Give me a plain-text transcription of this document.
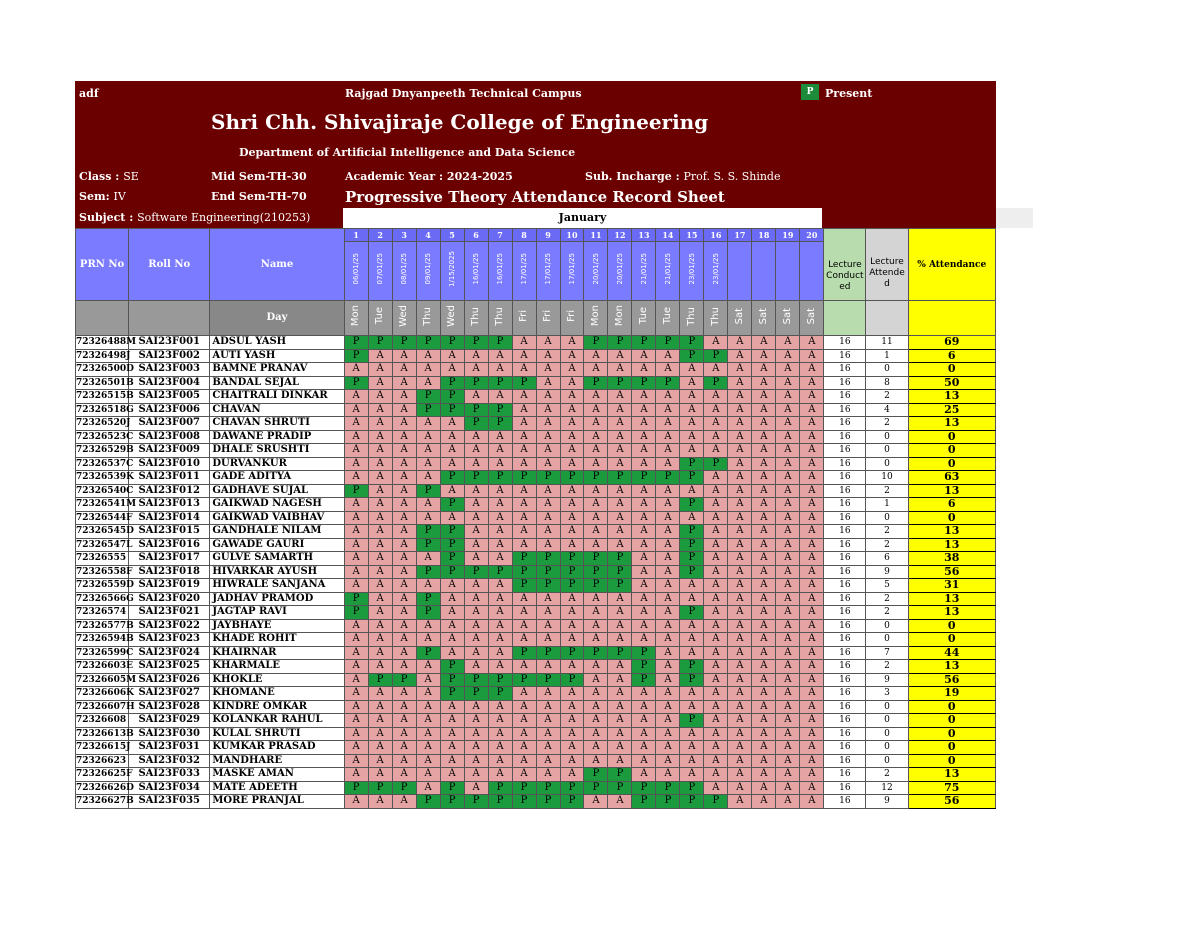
adf	Rajgad Dnyanpeeth Technical Campus	P	Present
Shri Chh. Shivajiraje College of Engineering
Department of Artificial Intelligence and Data Science
Class : SE	Mid Sem-TH-30	Academic Year : 2024-2025	Sub. Incharge : Prof. S. S. Shinde
Sem: IV	End Sem-TH-70	Progressive Theory Attendance Record Sheet
Subject : Software Engineering(210253)	January
PRN No	Roll No	Name	1	2	3	4	5	6	7	8	9	10	11	12	13	14	15	16	17	18	19	20	Lecture Conduct ed	Lecture Attende d	% Attendance
			06/01/25	07/01/25	08/01/25	09/01/25	1/15/2025	16/01/25	16/01/25	17/01/25	17/01/25	17/01/25	20/01/25	20/01/25	21/01/25	21/01/25	23/01/25	23/01/25							
		Day	Mon	Tue	Wed	Thu	Wed	Thu	Thu	Fri	Fri	Fri	Mon	Mon	Tue	Tue	Thu	Thu	Sat	Sat	Sat	Sat			
72326488M	SAI23F001	ADSUL YASH	P	P	P	P	P	P	P	A	A	A	P	P	P	P	P	A	A	A	A	A	16	11	69
72326498J	SAI23F002	AUTI YASH	P	A	A	A	A	A	A	A	A	A	A	A	A	A	P	P	A	A	A	A	16	1	6
72326500D	SAI23F003	BAMNE PRANAV	A	A	A	A	A	A	A	A	A	A	A	A	A	A	A	A	A	A	A	A	16	0	0
72326501B	SAI23F004	BANDAL SEJAL	P	A	A	A	P	P	P	P	A	A	P	P	P	P	A	P	A	A	A	A	16	8	50
72326515B	SAI23F005	CHAITRALI DINKAR	A	A	A	P	P	A	A	A	A	A	A	A	A	A	A	A	A	A	A	A	16	2	13
72326518G	SAI23F006	CHAVAN	A	A	A	P	P	P	P	A	A	A	A	A	A	A	A	A	A	A	A	A	16	4	25
72326520J	SAI23F007	CHAVAN SHRUTI	A	A	A	A	A	P	P	A	A	A	A	A	A	A	A	A	A	A	A	A	16	2	13
72326523C	SAI23F008	DAWANE PRADIP	A	A	A	A	A	A	A	A	A	A	A	A	A	A	A	A	A	A	A	A	16	0	0
72326529B	SAI23F009	DHALE SRUSHTI	A	A	A	A	A	A	A	A	A	A	A	A	A	A	A	A	A	A	A	A	16	0	0
72326537C	SAI23F010	DURVANKUR	A	A	A	A	A	A	A	A	A	A	A	A	A	A	P	P	A	A	A	A	16	0	0
72326539K	SAI23F011	GADE ADITYA	A	A	A	A	P	P	P	P	P	P	P	P	P	P	P	A	A	A	A	A	16	10	63
72326540C	SAI23F012	GADHAVE SUJAL	P	A	A	P	A	A	A	A	A	A	A	A	A	A	A	A	A	A	A	A	16	2	13
72326541M	SAI23F013	GAIKWAD NAGESH	A	A	A	A	P	A	A	A	A	A	A	A	A	A	P	A	A	A	A	A	16	1	6
72326544F	SAI23F014	GAIKWAD VAIBHAV	A	A	A	A	A	A	A	A	A	A	A	A	A	A	A	A	A	A	A	A	16	0	0
72326545D	SAI23F015	GANDHALE NILAM	A	A	A	P	P	A	A	A	A	A	A	A	A	A	P	A	A	A	A	A	16	2	13
72326547L	SAI23F016	GAWADE GAURI	A	A	A	P	P	A	A	A	A	A	A	A	A	A	P	A	A	A	A	A	16	2	13
72326555	SAI23F017	GULVE SAMARTH	A	A	A	A	P	A	A	P	P	P	P	P	A	A	P	A	A	A	A	A	16	6	38
72326558F	SAI23F018	HIVARKAR AYUSH	A	A	A	P	P	P	P	P	P	P	P	P	A	A	P	A	A	A	A	A	16	9	56
72326559D	SAI23F019	HIWRALE SANJANA	A	A	A	A	A	A	A	P	P	P	P	P	A	A	A	A	A	A	A	A	16	5	31
72326566G	SAI23F020	JADHAV PRAMOD	P	A	A	P	A	A	A	A	A	A	A	A	A	A	A	A	A	A	A	A	16	2	13
72326574	SAI23F021	JAGTAP RAVI	P	A	A	P	A	A	A	A	A	A	A	A	A	A	P	A	A	A	A	A	16	2	13
72326577B	SAI23F022	JAYBHAYE	A	A	A	A	A	A	A	A	A	A	A	A	A	A	A	A	A	A	A	A	16	0	0
72326594B	SAI23F023	KHADE ROHIT	A	A	A	A	A	A	A	A	A	A	A	A	A	A	A	A	A	A	A	A	16	0	0
72326599C	SAI23F024	KHAIRNAR	A	A	A	P	A	A	A	P	P	P	P	P	P	A	A	A	A	A	A	A	16	7	44
72326603E	SAI23F025	KHARMALE	A	A	A	A	P	A	A	A	A	A	A	A	P	A	P	A	A	A	A	A	16	2	13
72326605M	SAI23F026	KHOKLE	A	P	P	A	P	P	P	P	P	P	A	A	P	A	P	A	A	A	A	A	16	9	56
72326606K	SAI23F027	KHOMANE	A	A	A	A	P	P	P	A	A	A	A	A	A	A	A	A	A	A	A	A	16	3	19
72326607H	SAI23F028	KINDRE OMKAR	A	A	A	A	A	A	A	A	A	A	A	A	A	A	A	A	A	A	A	A	16	0	0
72326608	SAI23F029	KOLANKAR RAHUL	A	A	A	A	A	A	A	A	A	A	A	A	A	A	P	A	A	A	A	A	16	0	0
72326613B	SAI23F030	KULAL SHRUTI	A	A	A	A	A	A	A	A	A	A	A	A	A	A	A	A	A	A	A	A	16	0	0
72326615J	SAI23F031	KUMKAR PRASAD	A	A	A	A	A	A	A	A	A	A	A	A	A	A	A	A	A	A	A	A	16	0	0
72326623	SAI23F032	MANDHARE	A	A	A	A	A	A	A	A	A	A	A	A	A	A	A	A	A	A	A	A	16	0	0
72326625F	SAI23F033	MASKE AMAN	A	A	A	A	A	A	A	A	A	A	P	P	A	A	A	A	A	A	A	A	16	2	13
72326626D	SAI23F034	MATE ADEETH	P	P	P	A	P	A	P	P	P	P	P	P	P	P	P	A	A	A	A	A	16	12	75
72326627B	SAI23F035	MORE PRANJAL	A	A	A	P	P	P	P	P	P	P	A	A	P	P	P	P	A	A	A	A	16	9	56
